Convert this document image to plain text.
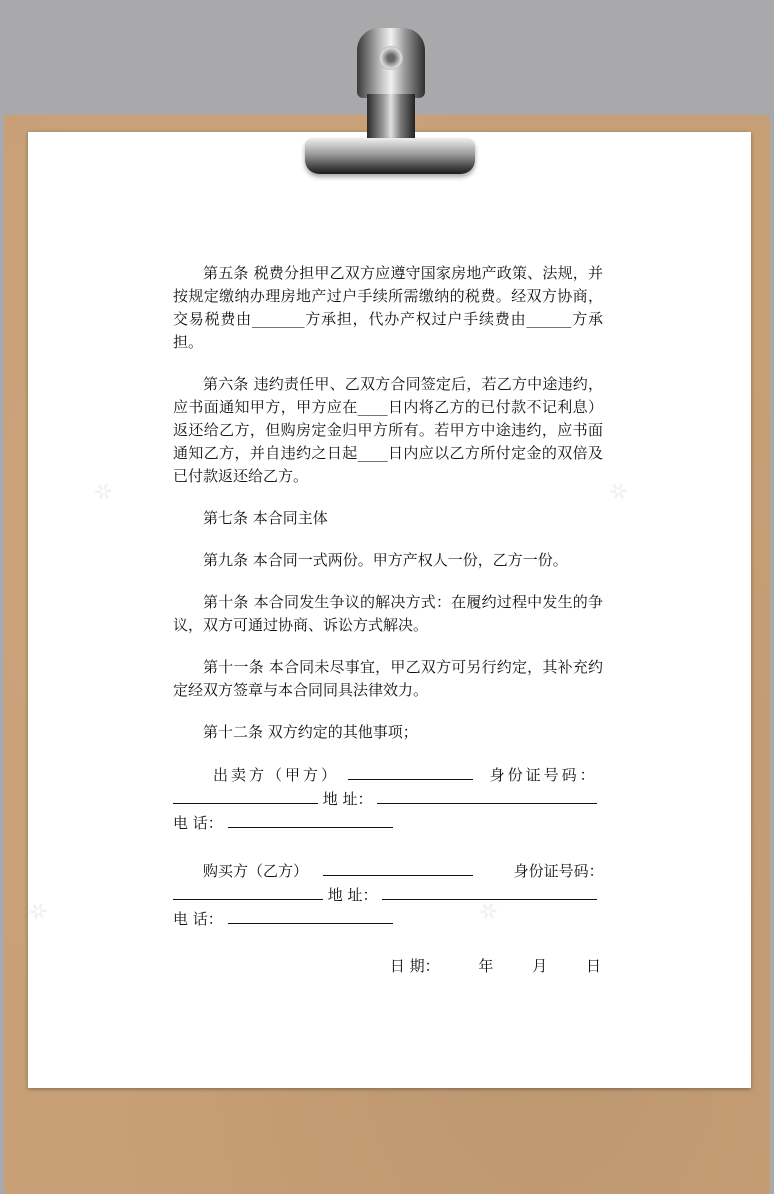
✲	✲
✲	✲

第五条 税费分担甲乙双方应遵守国家房地产政策、法规，并按规定缴纳办理房地产过户手续所需缴纳的税费。经双方协商，交易税费由_______方承担，代办产权过户手续费由______方承担。

第六条 违约责任甲、乙双方合同签定后，若乙方中途违约，应书面通知甲方，甲方应在____日内将乙方的已付款不记利息）返还给乙方，但购房定金归甲方所有。若甲方中途违约，应书面通知乙方，并自违约之日起____日内应以乙方所付定金的双倍及已付款返还给乙方。

第七条 本合同主体

第九条 本合同一式两份。甲方产权人一份，乙方一份。

第十条 本合同发生争议的解决方式：在履约过程中发生的争议，双方可通过协商、诉讼方式解决。

第十一条 本合同未尽事宜，甲乙双方可另行约定，其补充约定经双方签章与本合同同具法律效力。

第十二条 双方约定的其他事项；

出卖方（甲方）	身份证号码：

地 址：

电 话：

购买方（乙方）	身份证号码：

地 址：

电 话：

日 期：	年	月	日
